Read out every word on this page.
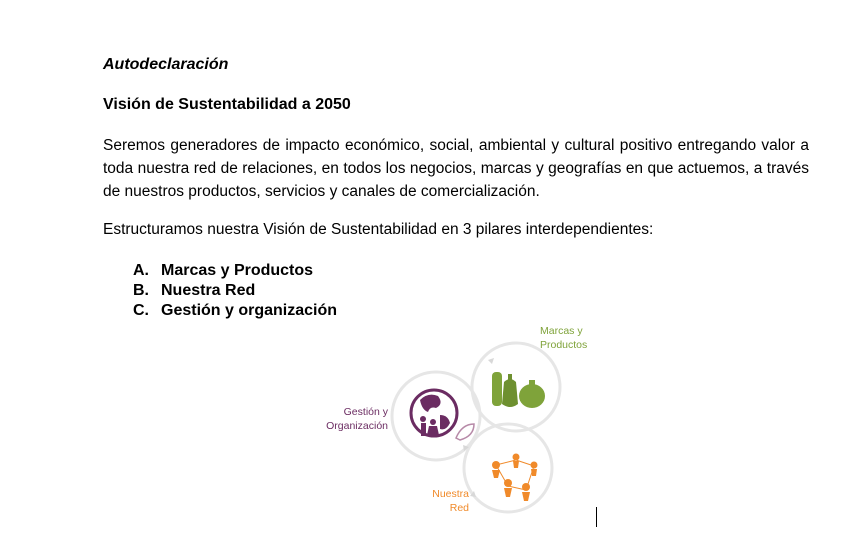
Autodeclaración
Visión de Sustentabilidad a 2050
Seremos generadores de impacto económico, social, ambiental y cultural positivo entregando valor a toda nuestra red de relaciones, en todos los negocios, marcas y geografías en que actuemos, a través de nuestros productos, servicios y canales de comercialización.
Estructuramos nuestra Visión de Sustentabilidad en 3 pilares interdependientes:
A. Marcas y Productos
B. Nuestra Red
C. Gestión y organización
Marcas y
Productos
Gestión y
Organización
Nuestra
Red
